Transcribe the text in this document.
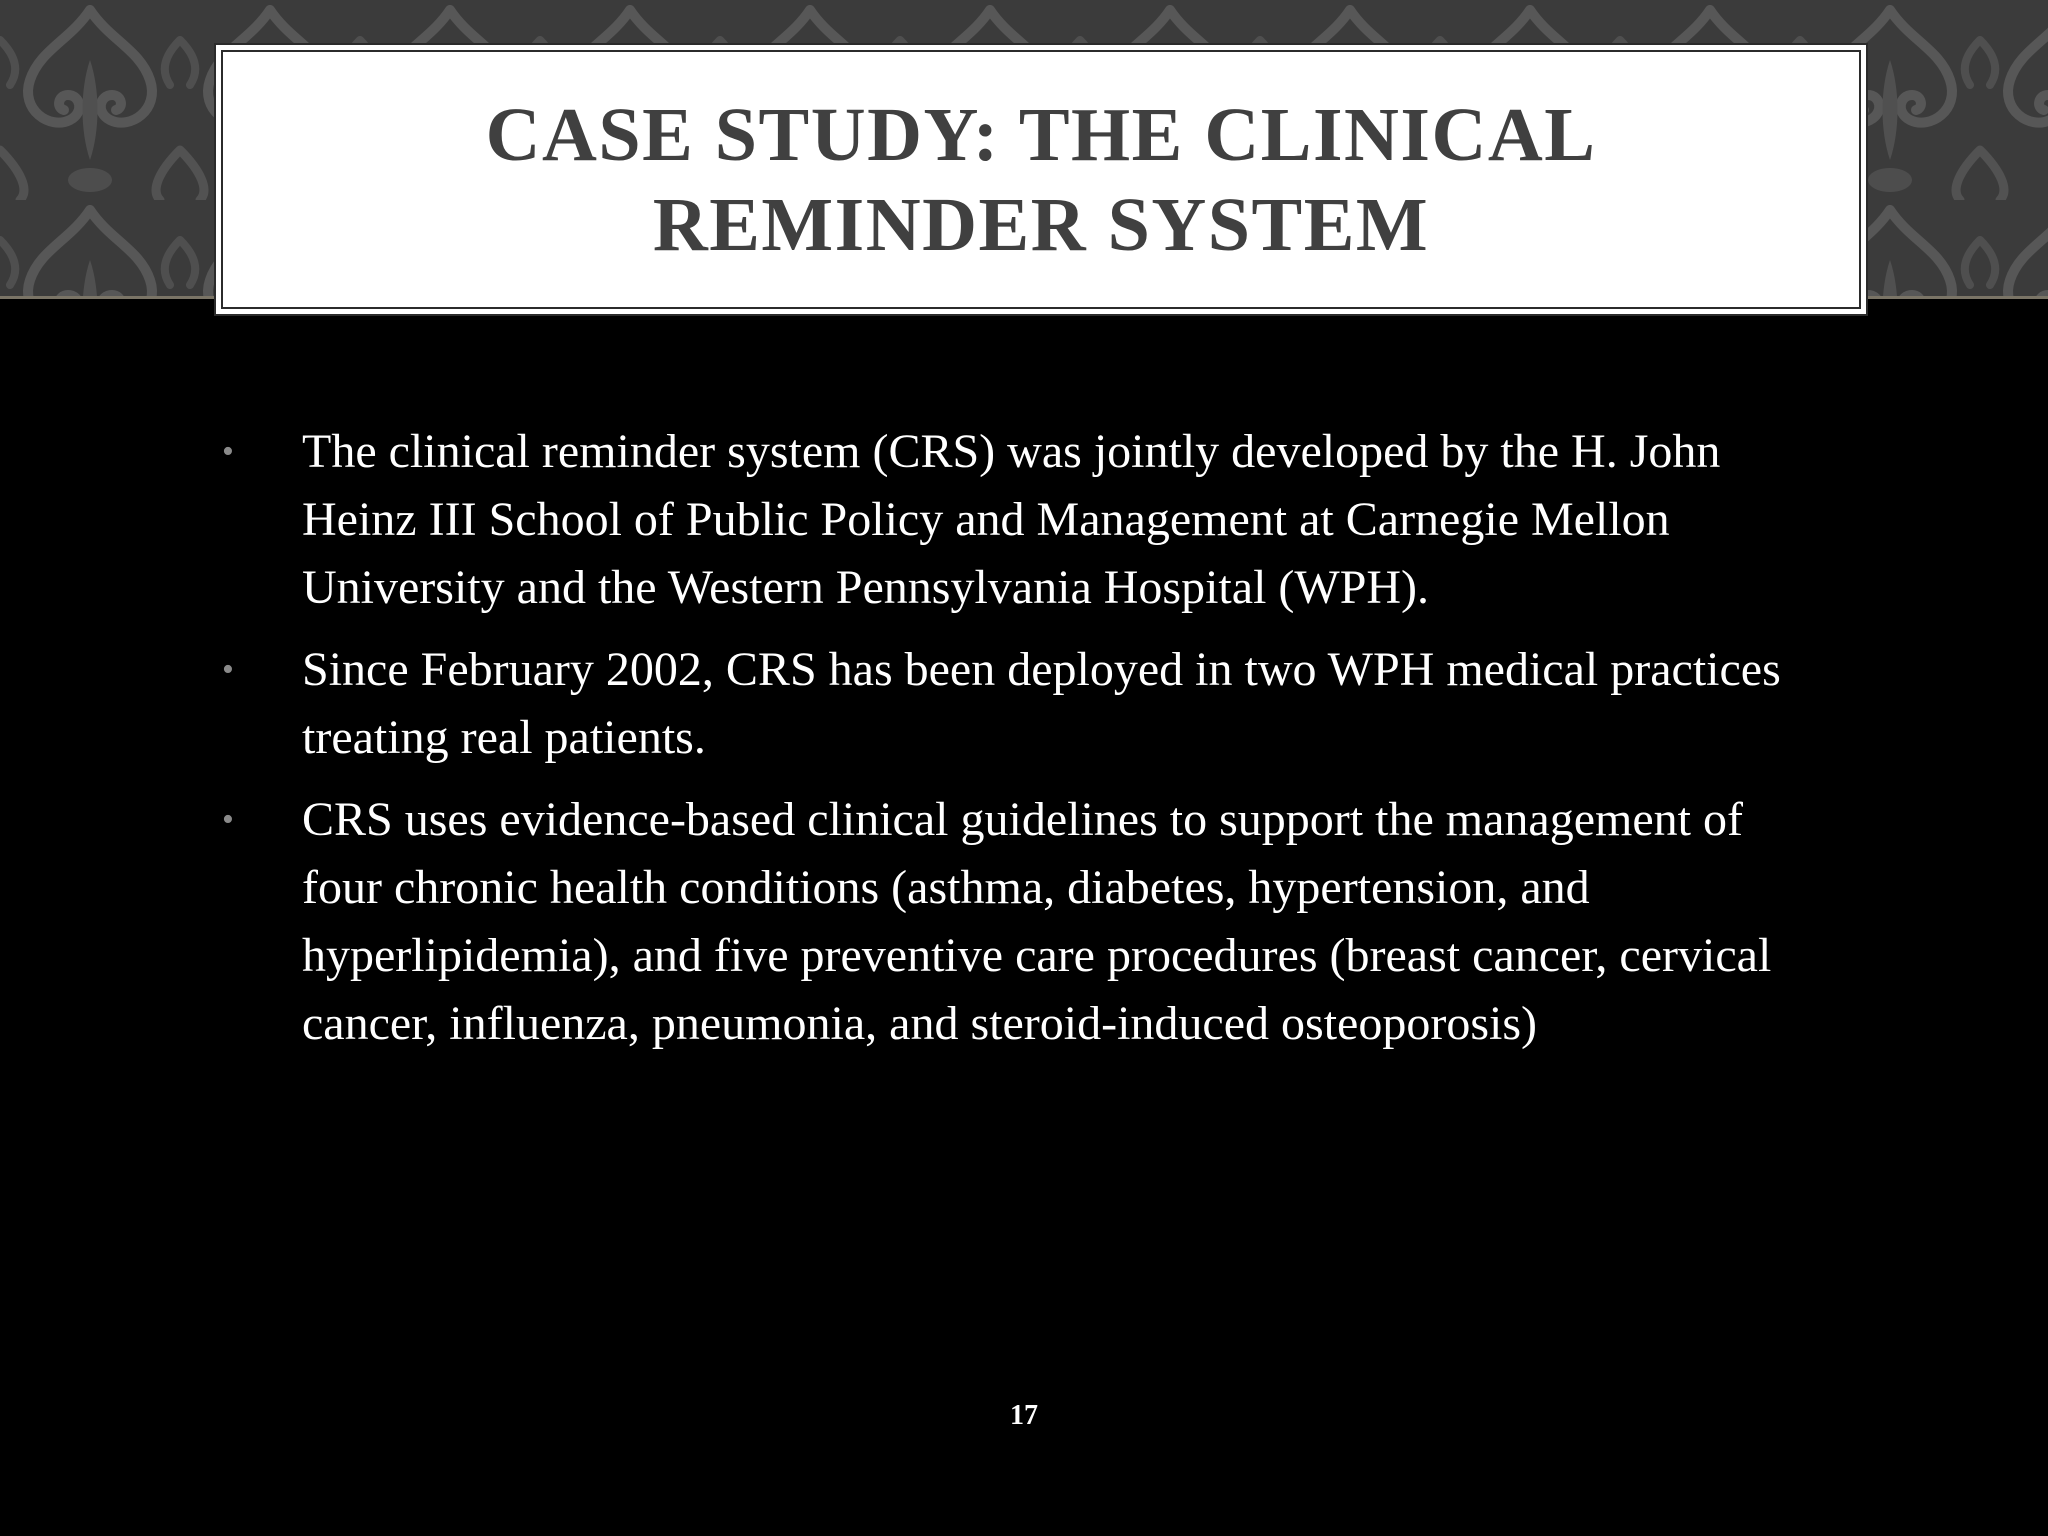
CASE STUDY: THE CLINICAL REMINDER SYSTEM

•	The clinical reminder system (CRS) was jointly developed by the H. John Heinz III School of Public Policy and Management at Carnegie Mellon University and the Western Pennsylvania Hospital (WPH).

•	Since February 2002, CRS has been deployed in two WPH medical practices treating real patients.

•	CRS uses evidence-based clinical guidelines to support the management of four chronic health conditions (asthma, diabetes, hypertension, and hyperlipidemia), and five preventive care procedures (breast cancer, cervical cancer, influenza, pneumonia, and steroid-induced osteoporosis)

17
